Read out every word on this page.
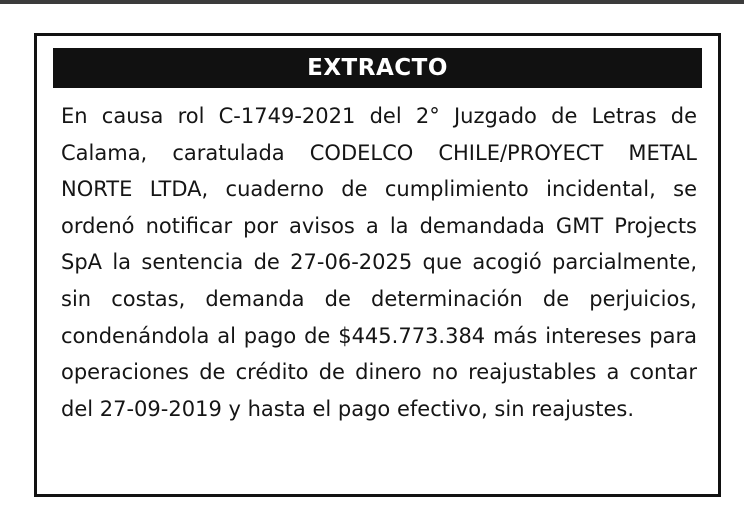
EXTRACTO

En causa rol C-1749-2021 del 2° Juzgado de Letras de Calama, caratulada CODELCO CHILE/PROYECT METAL NORTE LTDA, cuaderno de cumplimiento incidental, se ordenó notificar por avisos a la demandada GMT Projects SpA la sentencia de 27-06-2025 que acogió parcialmente, sin costas, demanda de determinación de perjuicios, condenándola al pago de $445.773.384 más intereses para operaciones de crédito de dinero no reajustables a contar del 27-09-2019 y hasta el pago efectivo, sin reajustes.
